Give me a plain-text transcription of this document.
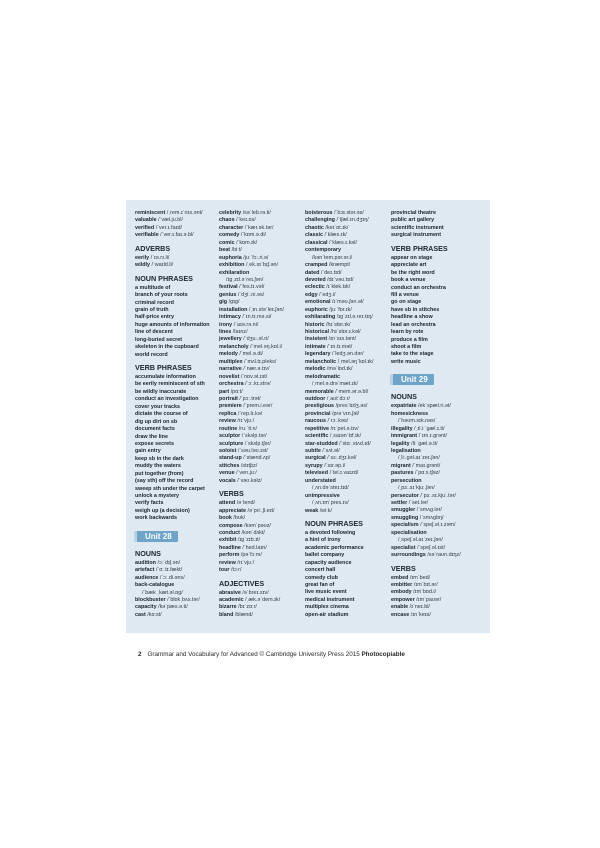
reminiscent /ˌrem.ɪˈnɪs.ənt/
valuable /ˈvæl.ju.bl/
verified /ˈver.ɪ.faɪd/
verifiable /ˈver.ɪ.faɪ.ə.bl/
ADVERBS
eerily /ˈɪə.rɪ.li/
wildly /ˈwaɪld.li/
NOUN PHRASES
a multitude of
branch of your roots
criminal record
grain of truth
half-price entry
huge amounts of information
line of descent
long-buried secret
skeleton in the cupboard
world record
VERB PHRASES
accumulate information
be eerily reminiscent of sth
be wildly inaccurate
conduct an investigation
cover your tracks
dictate the course of
dig up dirt on sb
document facts
draw the line
expose secrets
gain entry
keep sb in the dark
muddy the waters
put together (from)
(say sth) off the record
sweep sth under the carpet
unlock a mystery
verify facts
weigh up (a decision)
work backwards
Unit 28
NOUNS
audition /ɔːˈdɪʃ.ən/
artefact /ˈɑː.tɪ.fækt/
audience /ˈɔː.di.əns/
back-catalogue
/ˈbæk ˌkæt.əl.ɒɡ/
blockbuster /ˈblɒkˌbʌs.tər/
capacity /kəˈpæs.ə.ti/
cast /kɑːst/
celebrity /səˈleb.rə.ti/
chaos /ˈkeɪ.ɒs/
character /ˈkær.ək.tər/
comedy /ˈkɒm.ə.di/
comic /ˈkɒm.ɪk/
beat /biːt/
euphoria /juːˈfɔː.ri.ə/
exhibition /ˌek.sɪˈbɪʃ.ən/
exhilaration
/ɪɡˌzɪl.əˈreɪ.ʃən/
festival /ˈfes.tɪ.vəl/
genius /ˈdʒiː.ni.əs/
gig /ɡɪɡ/
installation /ˌɪn.stəˈleɪ.ʃən/
intimacy /ˈɪn.tɪ.mə.si/
irony /ˈaɪə.rə.ni/
lines /laɪnz/
jewellery /ˈdʒuː.əl.ri/
melancholy /ˈmel.əŋ.kɒl.i/
melody /ˈmel.ə.di/
multiplex /ˈmʌl.tɪ.pleks/
narrative /ˈnær.ə.tɪv/
novelist /ˈnɒv.əl.ɪst/
orchestra /ˈɔː.kɪ.strə/
part /pɑːt/
portrait /ˈpɔː.trət/
premiere /ˈprem.i.eər/
replica /ˈrep.lɪ.kə/
review /rɪˈvjuː/
routine /ruːˈtiːn/
sculptor /ˈskʌlp.tər/
sculpture /ˈskʌlp.tʃər/
soloist /ˈsəʊ.ləʊ.ɪst/
stand-up /ˈstænd.ʌp/
stitches /stɪtʃɪz/
venue /ˈven.juː/
vocals /ˈvəʊ.kəlz/
VERBS
attend /əˈtend/
appreciate /əˈpriː.ʃi.eɪt/
book /bʊk/
compose /kəmˈpəʊz/
conduct /kənˈdʌkt/
exhibit /ɪɡˈzɪb.ɪt/
headline /ˈhed.laɪn/
perform /pəˈfɔːm/
review /rɪˈvjuː/
tour /tɔːr/
ADJECTIVES
abrasive /əˈbreɪ.sɪv/
academic /ˌæk.əˈdem.ɪk/
bizarre /bɪˈzɑːr/
bland /blænd/
boisterous /ˈbɔɪ.stər.əs/
challenging /ˈtʃæl.ɪn.dʒɪŋ/
chaotic /keɪˈɒt.ɪk/
classic /ˈklæs.ɪk/
classical /ˈklæs.ɪ.kəl/
contemporary
/kənˈtem.pər.ər.i/
cramped /kræmpt/
dated /ˈdeɪ.tɪd/
devoted /dɪˈvəʊ.tɪd/
eclectic /ɪˈklek.tɪk/
edgy /ˈedʒ.i/
emotional /ɪˈməʊ.ʃən.əl/
euphoric /juːˈfɒr.ɪk/
exhilarating /ɪɡˈzɪl.ə.reɪ.tɪŋ/
historic /hɪˈstɒr.ɪk/
historical /hɪˈstɒr.ɪ.kəl/
insistent /ɪnˈsɪs.tənt/
intimate /ˈɪn.tɪ.mət/
legendary /ˈledʒ.ən.dər/
melancholic /ˌmel.əŋˈkɒl.ɪk/
melodic /məˈlɒd.ɪk/
melodramatic
/ˌmel.ə.drəˈmæt.ɪk/
memorable /ˈmem.ər.ə.bl/
outdoor /ˌaʊtˈdɔːr/
prestigious /presˈtɪdʒ.əs/
provincial /prəˈvɪn.ʃəl/
raucous /ˈrɔː.kəs/
repetitive /rɪˈpet.ə.tɪv/
scientific /ˌsaɪənˈtɪf.ɪk/
star-studded /ˈstɑːˌstʌd.ɪd/
subtle /ˈsʌt.əl/
surgical /ˈsɜː.dʒɪ.kəl/
syrupy /ˈsɪr.əp.i/
televised /ˈtel.ɪ.vaɪzd/
understated
/ˌʌn.dəˈsteɪ.tɪd/
unimpressive
/ˌʌn.ɪmˈpres.ɪv/
weak /wiːk/
NOUN PHRASES
a devoted following
a hint of irony
academic performance
ballet company
capacity audience
concert hall
comedy club
great fan of
live music event
medical instrument
multiplex cinema
open-air stadium
provincial theatre
public art gallery
scientific instrument
surgical instrument
VERB PHRASES
appear on stage
appreciate art
be the right word
book a venue
conduct an orchestra
fill a venue
go on stage
have sb in stitches
headline a show
lead an orchestra
learn by rote
produce a film
shoot a film
take to the stage
write music
Unit 29
NOUNS
expatriate /ekˈspæt.ri.ət/
homesickness
/ˈhəʊm.sɪk.nəs/
illegality /ˌɪl.iːˈɡæl.ɪ.ti/
immigrant /ˈɪm.ɪ.ɡrənt/
legality /liːˈɡæl.ə.ti/
legalisation
/ˌliː.ɡəl.aɪˈzeɪ.ʃən/
migrant /ˈmaɪ.ɡrənt/
pastures /ˈpɑːs.tʃəz/
persecution
/ˌpɜː.sɪˈkjuː.ʃən/
persecutor /ˈpɜː.sɪ.kjuː.tər/
settler /ˈset.lər/
smuggler /ˈsmʌɡ.lər/
smuggling /ˈsmʌɡlɪŋ/
specialism /ˈspeʃ.əl.ɪ.zəm/
specialisation
/ˌspeʃ.əl.aɪˈzeɪ.ʃən/
specialist /ˈspeʃ.əl.ɪst/
surroundings /səˈraʊn.dɪŋz/
VERBS
embed /ɪmˈbed/
embitter /ɪmˈbɪt.ər/
embody /ɪmˈbɒd.i/
empower /ɪmˈpaʊər/
enable /ɪˈneɪ.bl/
encase /ɪnˈkeɪs/
2 Grammar and Vocabulary for Advanced © Cambridge University Press 2015 Photocopiable
